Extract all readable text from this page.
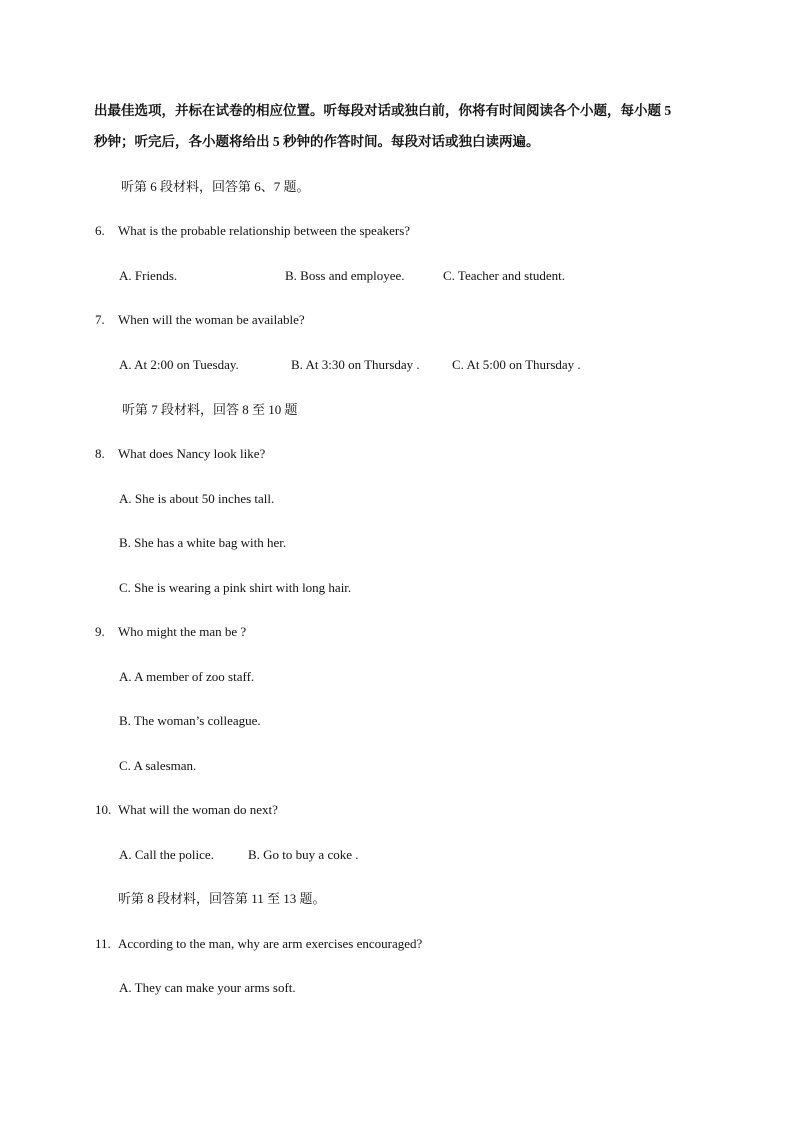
出最佳选项，并标在试卷的相应位置。听每段对话或独白前，你将有时间阅读各个小题，每小题 5
秒钟；听完后，各小题将给出 5 秒钟的作答时间。每段对话或独白读两遍。
听第 6 段材料，回答第 6、7 题。
6. What is the probable relationship between the speakers?
A. Friends.	B. Boss and employee.	C. Teacher and student.
7. When will the woman be available?
A. At 2:00 on Tuesday.	B. At 3:30 on Thursday . C. At 5:00 on Thursday .
听第 7 段材料，回答 8 至 10 题
8. What does Nancy look like?
A. She is about 50 inches tall.
B. She has a white bag with her.
C. She is wearing a pink shirt with long hair.
9. Who might the man be ?
A. A member of zoo staff.
B. The woman’s colleague.
C. A salesman.
10. What will the woman do next?
A. Call the police.	B. Go to buy a coke .
听第 8 段材料，回答第 11 至 13 题。
11. According to the man, why are arm exercises encouraged?
A. They can make your arms soft.
